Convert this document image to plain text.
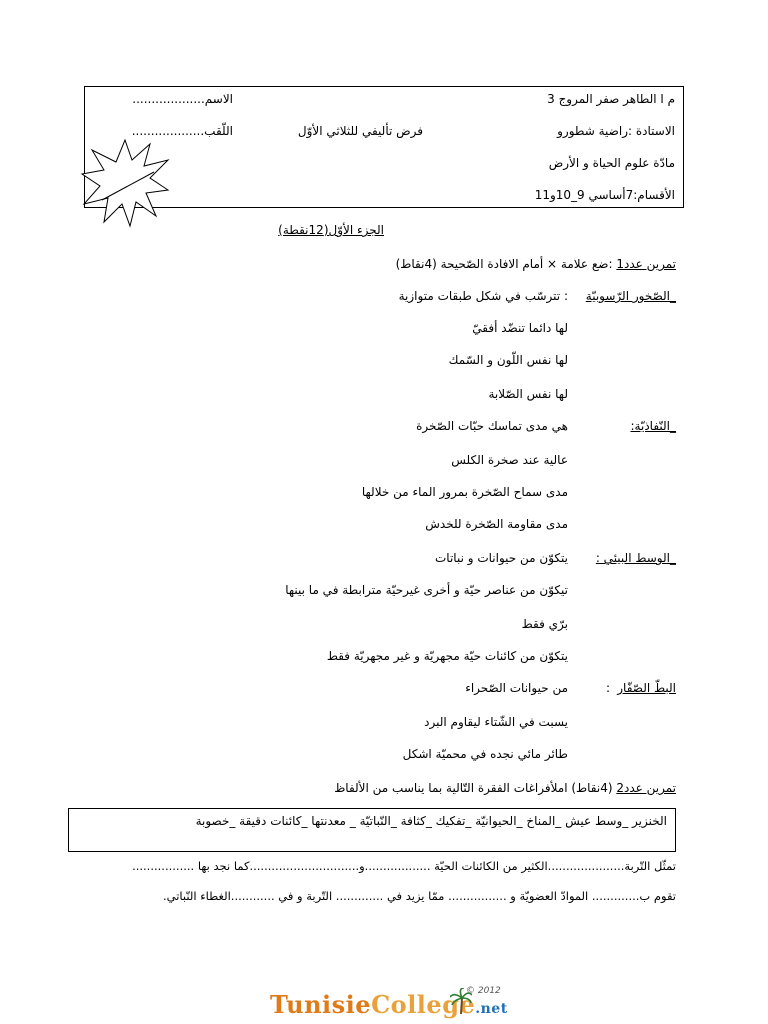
م ا الطاهر صفر المروج 3
الاسم...................
الاستادة :راضية شطورو
فرض تأليفي للثلاثي الأوّل
اللّقب...................
مادّة علوم الحياة و الأرض
الأقسام:7أساسي 9_10و11
الجزء الأوّل(12نقطة)
تمرين عدد1 :ضع علامة × أمام الافادة الصّحيحة (4نقاط)
_الصّخور الرّسوبيّة
: تترسّب في شكل طبقات متوازية
لها دائما تنضّد أفقيّ
لها نفس اللّون و السّمك
لها نفس الصّلابة
_النّفاذيّة:
هي مدى تماسك حبّات الصّخرة
عالية عند صخرة الكلس
مدى سماح الصّخرة بمرور الماء من خلالها
مدى مقاومة الصّخرة للخدش
_الوسط البيئي :
يتكوّن من حيوانات و نباتات
تيكوّن من عناصر حيّة و أخرى غيرحيّة مترابطة في ما بينها
برّي فقط
يتكوّن من كائنات حيّة مجهريّة و غير مجهريّة فقط
البطّ الصّفّار
:
من حيوانات الصّحراء
يسبت في الشّتاء ليقاوم البرد
طائر مائي نجده في محميّة اشكل
تمرين عدد2 (4نقاط) املأفراغات الفقرة التّالية بما يناسب من الألفاظ
الخنزير _وسط عيش _المناخ _الحيوانيّة _تفكيك _كثافة _النّباتيّة _ معدنتها _كائنات دقيقة _خصوبة
تمثّل التّربة.....................الكثير من الكائنات الحيّة ..................و..............................كما نجد بها .................
تقوم ب............. الموادّ العضويّة و ................ ممّا يزيد في ............. التّربة و في ............الغطاء النّباتي.
TunisieCollege.net
© 2012
